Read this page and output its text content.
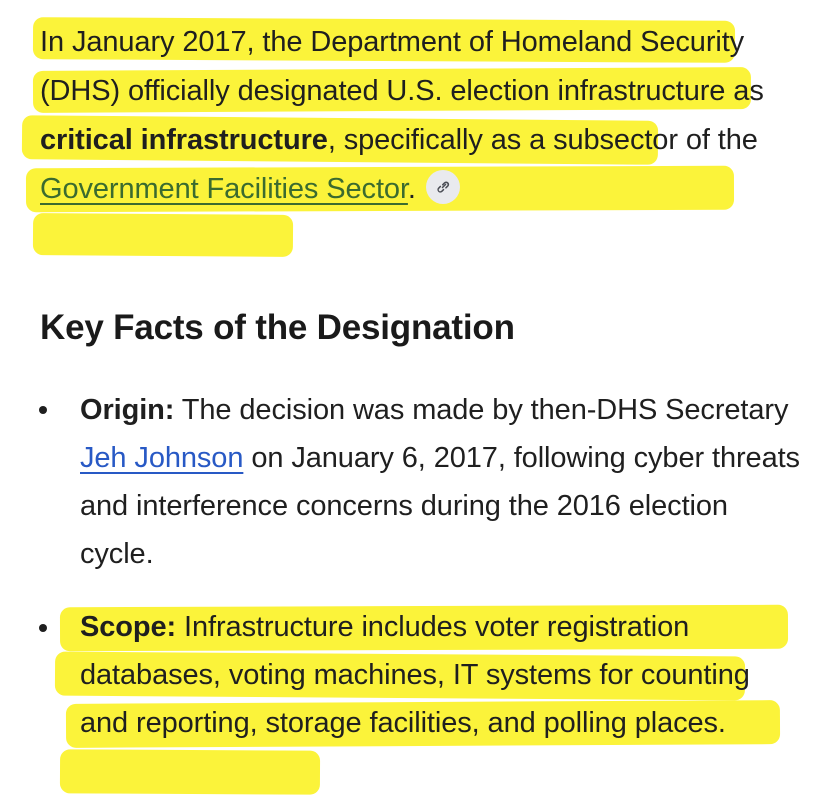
In January 2017, the Department of Homeland Security (DHS) officially designated U.S. election infrastructure as critical infrastructure, specifically as a subsector of the Government Facilities Sector.

Key Facts of the Designation

Origin: The decision was made by then-DHS Secretary Jeh Johnson on January 6, 2017, following cyber threats and interference concerns during the 2016 election cycle.

Scope: Infrastructure includes voter registration databases, voting machines, IT systems for counting and reporting, storage facilities, and polling places.
